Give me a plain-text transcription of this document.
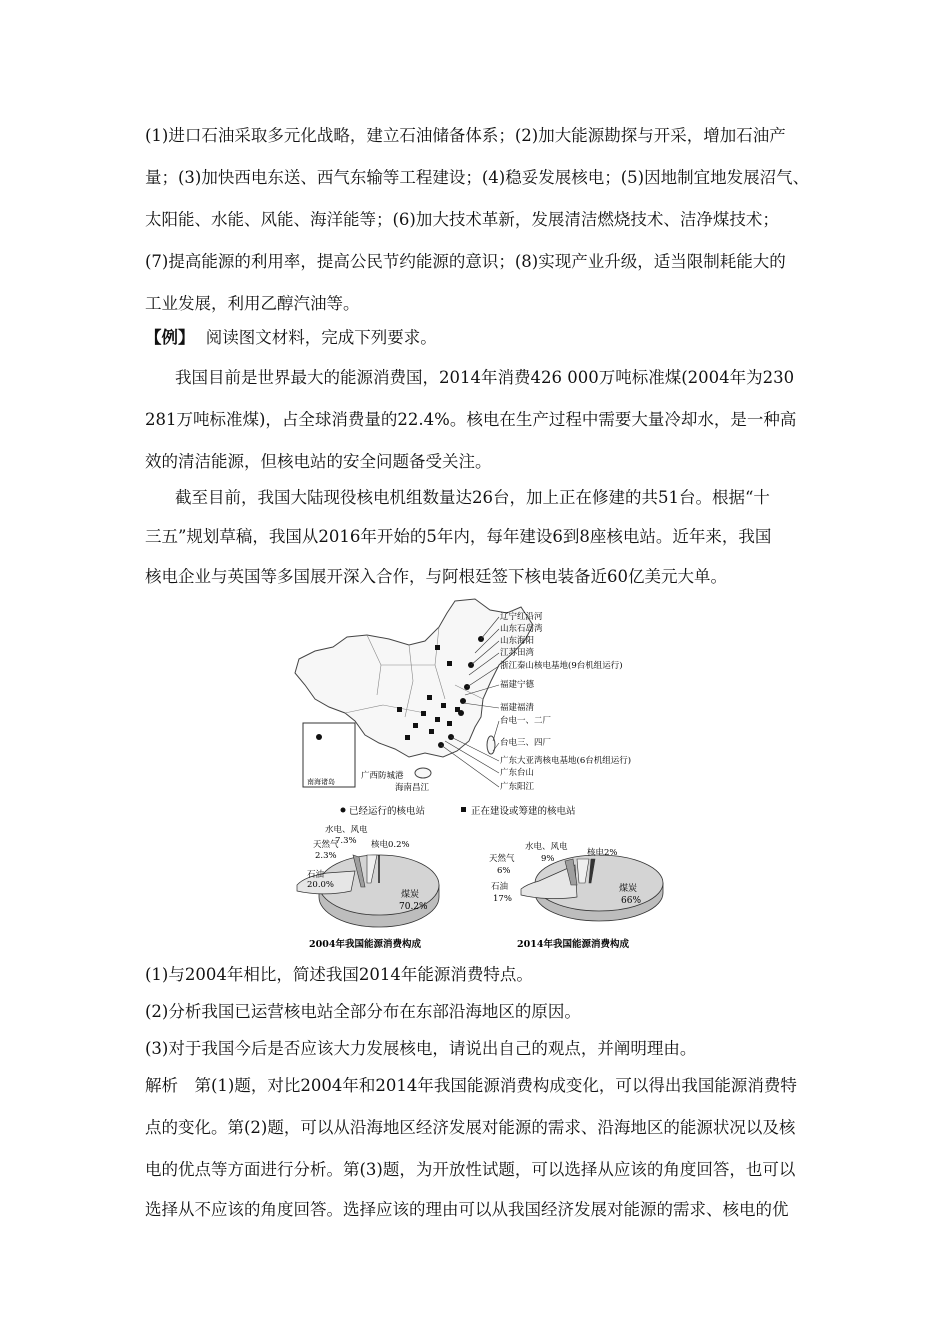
(1)进口石油采取多元化战略，建立石油储备体系；(2)加大能源勘探与开采，增加石油产
量；(3)加快西电东送、西气东输等工程建设；(4)稳妥发展核电；(5)因地制宜地发展沼气、
太阳能、水能、风能、海洋能等；(6)加大技术革新，发展清洁燃烧技术、洁净煤技术；
(7)提高能源的利用率，提高公民节约能源的意识；(8)实现产业升级，适当限制耗能大的
工业发展，利用乙醇汽油等。
【例】 阅读图文材料，完成下列要求。
我国目前是世界最大的能源消费国，2014年消费426 000万吨标准煤(2004年为230
281万吨标准煤)，占全球消费量的22.4%。核电在生产过程中需要大量冷却水，是一种高
效的清洁能源，但核电站的安全问题备受关注。
截至目前，我国大陆现役核电机组数量达26台，加上正在修建的共51台。根据“十
三五”规划草稿，我国从2016年开始的5年内，每年建设6到8座核电站。近年来，我国
核电企业与英国等多国展开深入合作，与阿根廷签下核电装备近60亿美元大单。
南海诸岛
辽宁红沿河
山东石岛湾
山东海阳
江苏田湾
浙江秦山核电基地(9台机组运行)
福建宁德
福建福清
台电一、二厂
台电三、四厂
广东大亚湾核电基地(6台机组运行)
广东台山
广东阳江
广西防城港
海南昌江
已经运行的核电站	正在建设或筹建的核电站
天然气
2.3%
水电、风电
7.3% 核电0.2%
石油
20.0%
煤炭
70.2%
2004年我国能源消费构成
天然气
6%
水电、风电
9%
核电2%
石油
17%
煤炭
66%
2014年我国能源消费构成
(1)与2004年相比，简述我国2014年能源消费特点。
(2)分析我国已运营核电站全部分布在东部沿海地区的原因。
(3)对于我国今后是否应该大力发展核电，请说出自己的观点，并阐明理由。
解析　第(1)题，对比2004年和2014年我国能源消费构成变化，可以得出我国能源消费特
点的变化。第(2)题，可以从沿海地区经济发展对能源的需求、沿海地区的能源状况以及核
电的优点等方面进行分析。第(3)题，为开放性试题，可以选择从应该的角度回答，也可以
选择从不应该的角度回答。选择应该的理由可以从我国经济发展对能源的需求、核电的优
